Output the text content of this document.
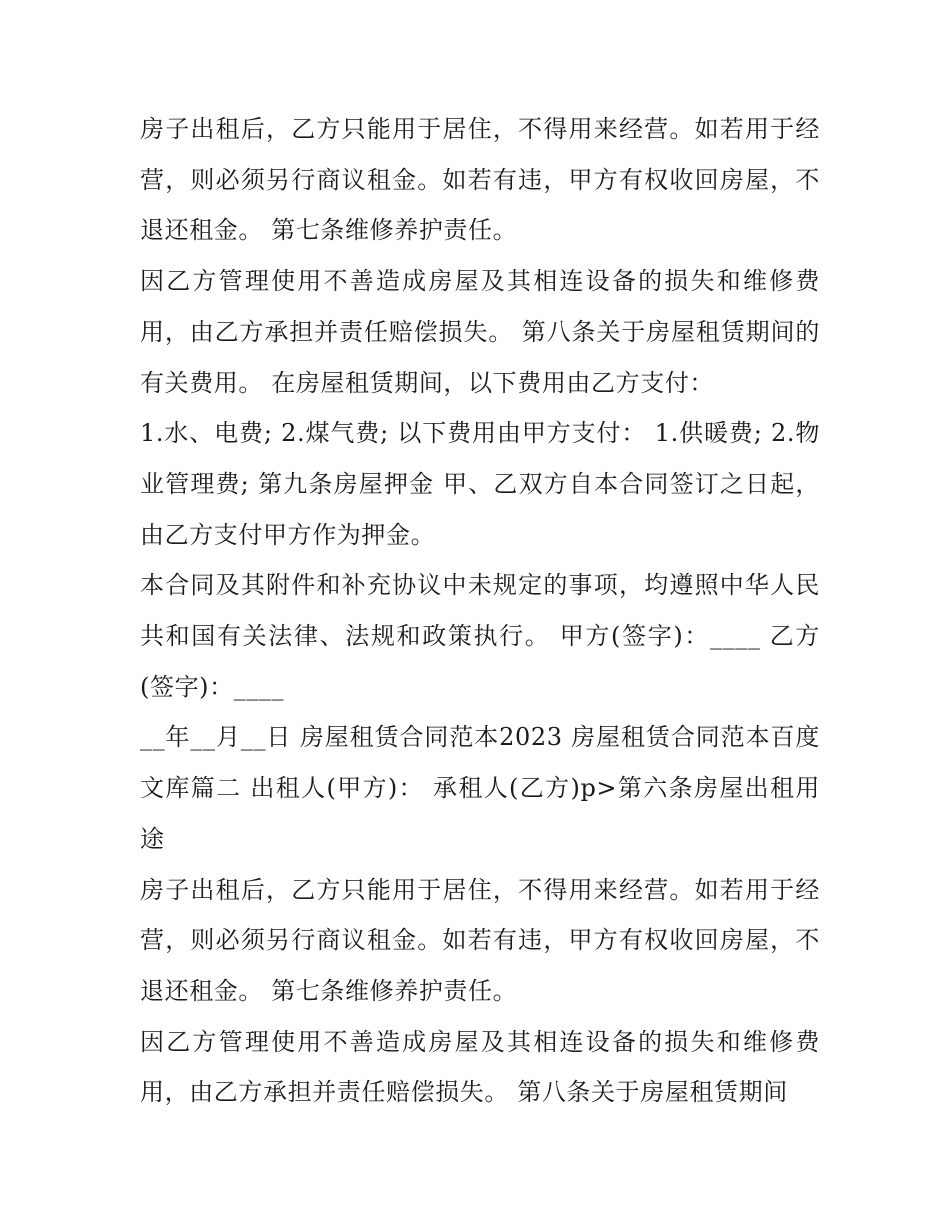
房子出租后，乙方只能用于居住，不得用来经营。如若用于经营，则必须另行商议租金。如若有违，甲方有权收回房屋，不退还租金。 第七条维修养护责任。

因乙方管理使用不善造成房屋及其相连设备的损失和维修费用，由乙方承担并责任赔偿损失。 第八条关于房屋租赁期间的有关费用。 在房屋租赁期间，以下费用由乙方支付：

1.水、电费; 2.煤气费; 以下费用由甲方支付： 1.供暖费; 2.物业管理费; 第九条房屋押金 甲、乙双方自本合同签订之日起，由乙方支付甲方作为押金。

本合同及其附件和补充协议中未规定的事项，均遵照中华人民共和国有关法律、法规和政策执行。 甲方(签字)：____ 乙方(签字)：____

__年__月__日 房屋租赁合同范本2023 房屋租赁合同范本百度文库篇二 出租人(甲方)： 承租人(乙方)p>第六条房屋出租用途

房子出租后，乙方只能用于居住，不得用来经营。如若用于经营，则必须另行商议租金。如若有违，甲方有权收回房屋，不退还租金。 第七条维修养护责任。

因乙方管理使用不善造成房屋及其相连设备的损失和维修费用，由乙方承担并责任赔偿损失。 第八条关于房屋租赁期间
